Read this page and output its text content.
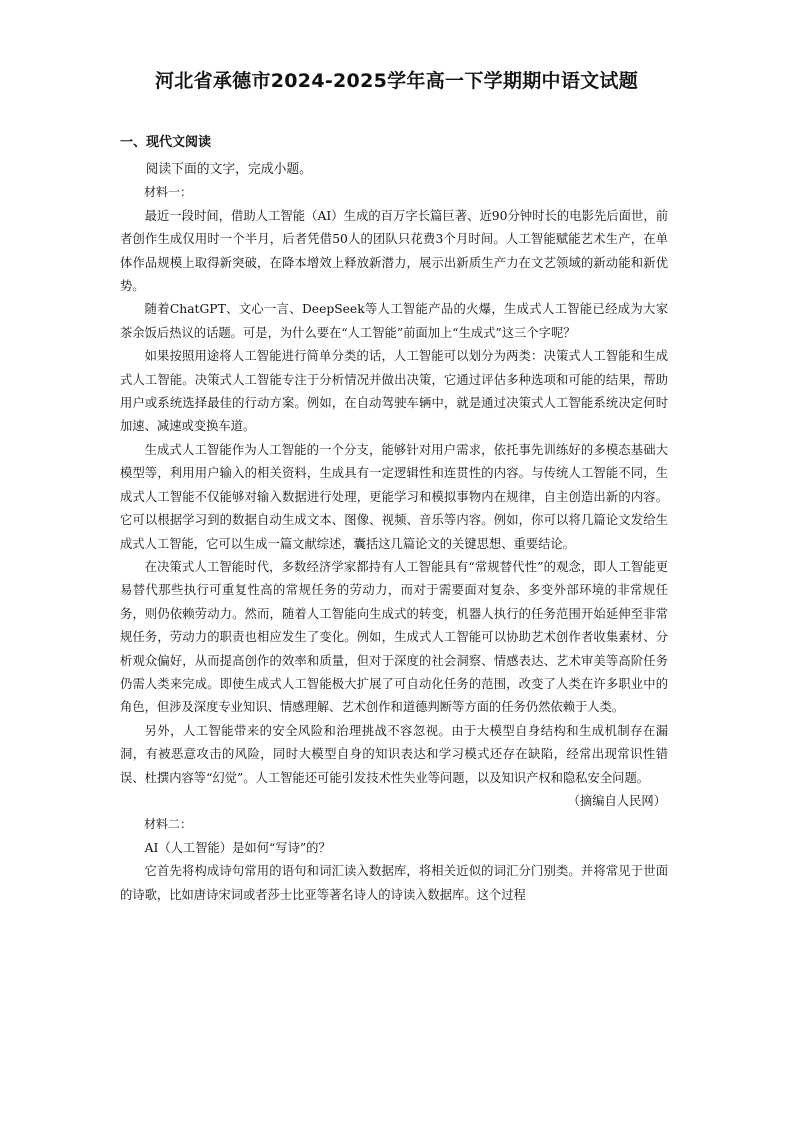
河北省承德市2024-2025学年高一下学期期中语文试题
一、现代文阅读

阅读下面的文字，完成小题。

材料一：

最近一段时间，借助人工智能（AI）生成的百万字长篇巨著、近90分钟时长的电影先后面世，前者创作生成仅用时一个半月，后者凭借50人的团队只花费3个月时间。人工智能赋能艺术生产，在单体作品规模上取得新突破，在降本增效上释放新潜力，展示出新质生产力在文艺领域的新动能和新优势。

随着ChatGPT、文心一言、DeepSeek等人工智能产品的火爆，生成式人工智能已经成为大家茶余饭后热议的话题。可是，为什么要在“人工智能”前面加上“生成式”这三个字呢？

如果按照用途将人工智能进行简单分类的话，人工智能可以划分为两类：决策式人工智能和生成式人工智能。决策式人工智能专注于分析情况并做出决策，它通过评估多种选项和可能的结果，帮助用户或系统选择最佳的行动方案。例如，在自动驾驶车辆中，就是通过决策式人工智能系统决定何时加速、减速或变换车道。

生成式人工智能作为人工智能的一个分支，能够针对用户需求，依托事先训练好的多模态基础大模型等，利用用户输入的相关资料，生成具有一定逻辑性和连贯性的内容。与传统人工智能不同，生成式人工智能不仅能够对输入数据进行处理，更能学习和模拟事物内在规律，自主创造出新的内容。它可以根据学习到的数据自动生成文本、图像、视频、音乐等内容。例如，你可以将几篇论文发给生成式人工智能，它可以生成一篇文献综述，囊括这几篇论文的关键思想、重要结论。

在决策式人工智能时代，多数经济学家都持有人工智能具有“常规替代性”的观念，即人工智能更易替代那些执行可重复性高的常规任务的劳动力，而对于需要面对复杂、多变外部环境的非常规任务，则仍依赖劳动力。然而，随着人工智能向生成式的转变，机器人执行的任务范围开始延伸至非常规任务，劳动力的职责也相应发生了变化。例如，生成式人工智能可以协助艺术创作者收集素材、分析观众偏好，从而提高创作的效率和质量，但对于深度的社会洞察、情感表达、艺术审美等高阶任务仍需人类来完成。即使生成式人工智能极大扩展了可自动化任务的范围，改变了人类在许多职业中的角色，但涉及深度专业知识、情感理解、艺术创作和道德判断等方面的任务仍然依赖于人类。

另外，人工智能带来的安全风险和治理挑战不容忽视。由于大模型自身结构和生成机制存在漏洞，有被恶意攻击的风险，同时大模型自身的知识表达和学习模式还存在缺陷，经常出现常识性错误、杜撰内容等“幻觉”。人工智能还可能引发技术性失业等问题，以及知识产权和隐私安全问题。

（摘编自人民网）

材料二：

AI（人工智能）是如何“写诗”的？

它首先将构成诗句常用的语句和词汇读入数据库，将相关近似的词汇分门别类。并将常见于世面的诗歌，比如唐诗宋词或者莎士比亚等著名诗人的诗读入数据库。这个过程
